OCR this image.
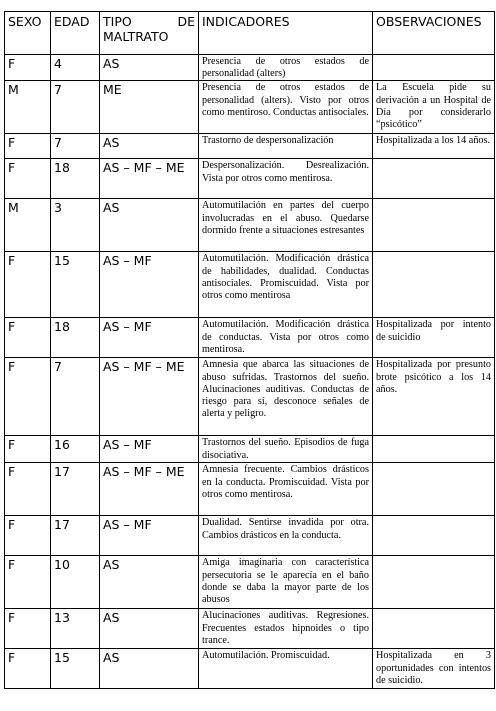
SEXO	EDAD	TIPO DE MALTRATO	INDICADORES	OBSERVACIONES
F	4	AS	Presencia de otros estados de personalidad (alters)	
M	7	ME	Presencia de otros estados de personalidad (alters). Visto por otros como mentiroso. Conductas antisociales.	La Escuela pide su derivación a un Hospital de Día por considerarlo “psicótico”
F	7	AS	Trastorno de despersonalización	Hospitalizada a los 14 años.
F	18	AS – MF – ME	Despersonalización. Desrealización. Vista por otros como mentirosa.	
M	3	AS	Automutilación en partes del cuerpo involucradas en el abuso. Quedarse dormido frente a situaciones estresantes	
F	15	AS – MF	Automutilación. Modificación drástica de habilidades, dualidad. Conductas antisociales. Promiscuidad. Vista por otros como mentirosa	
F	18	AS – MF	Automutilación. Modificación drástica de conductas. Vista por otros como mentirosa.	Hospitalizada por intento de suicidio
F	7	AS – MF – ME	Amnesia que abarca las situaciones de abuso sufridas. Trastornos del sueño. Alucinaciones auditivas. Conductas de riesgo para sí, desconoce señales de alerta y peligro.	Hospitalizada por presunto brote psicótico a los 14 años.
F	16	AS – MF	Trastornos del sueño. Episodios de fuga disociativa.	
F	17	AS – MF – ME	Amnesia frecuente. Cambios drásticos en la conducta. Promiscuidad. Vista por otros como mentirosa.	
F	17	AS – MF	Dualidad. Sentirse invadida por otra. Cambios drásticos en la conducta.	
F	10	AS	Amiga imaginaria con característica persecutoria se le aparecía en el baño donde se daba la mayor parte de los abusos	
F	13	AS	Alucinaciones auditivas. Regresiones. Frecuentes estados hipnoides o tipo trance.	
F	15	AS	Automutilación. Promiscuidad.	Hospitalizada en 3 oportunidades con intentos de suicidio.
